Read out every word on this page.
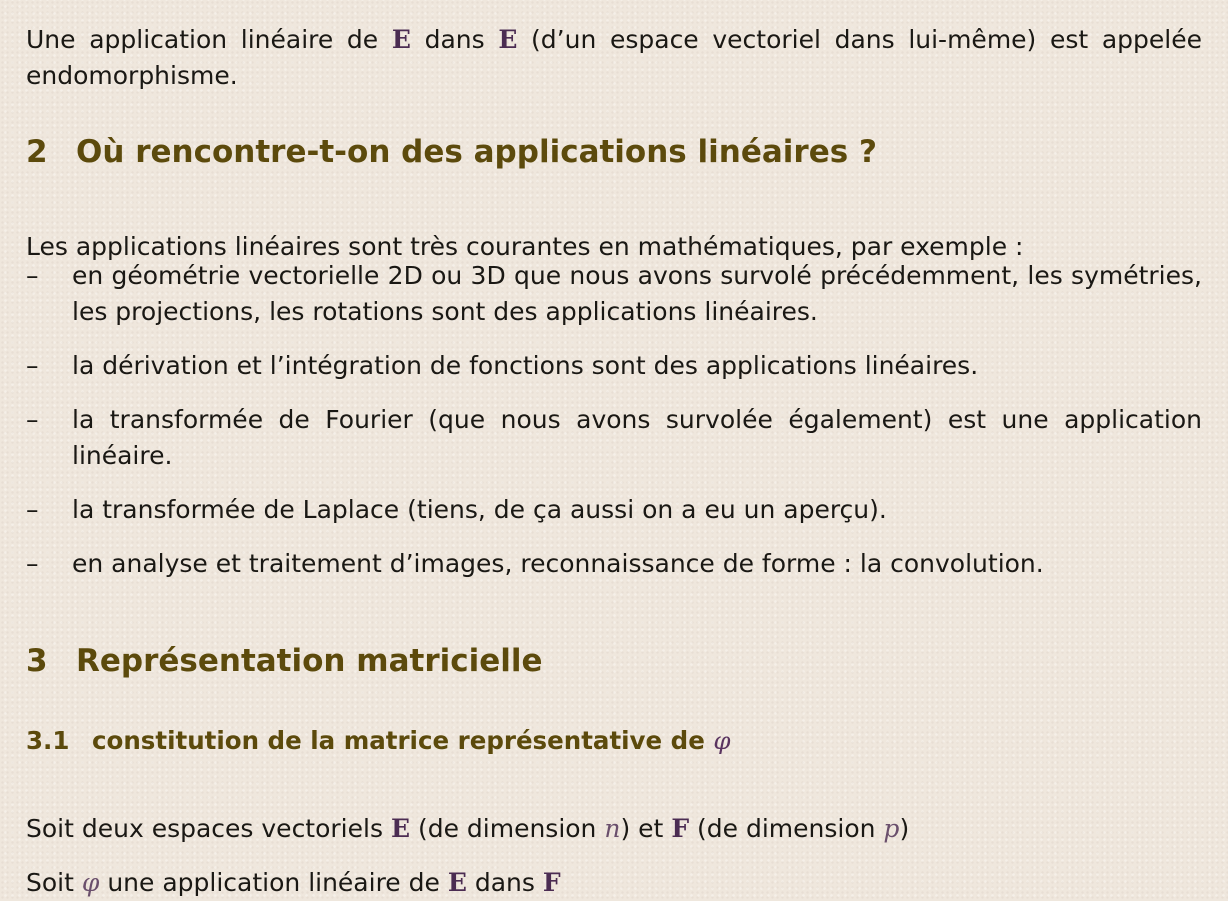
Une application linéaire de E dans E (d’un espace vectoriel dans lui-même) est appelée endomorphisme.

2 Où rencontre-t-on des applications linéaires ?

Les applications linéaires sont très courantes en mathématiques, par exemple :

–	en géométrie vectorielle 2D ou 3D que nous avons survolé précédemment, les symétries, les projections, les rotations sont des applications linéaires.
–	la dérivation et l’intégration de fonctions sont des applications linéaires.
–	la transformée de Fourier (que nous avons survolée également) est une application linéaire.
–	la transformée de Laplace (tiens, de ça aussi on a eu un aperçu).
–	en analyse et traitement d’images, reconnaissance de forme : la convolution.
3 Représentation matricielle
3.1 constitution de la matrice représentative de φ

Soit deux espaces vectoriels E (de dimension n) et F (de dimension p)

Soit φ une application linéaire de E dans F
